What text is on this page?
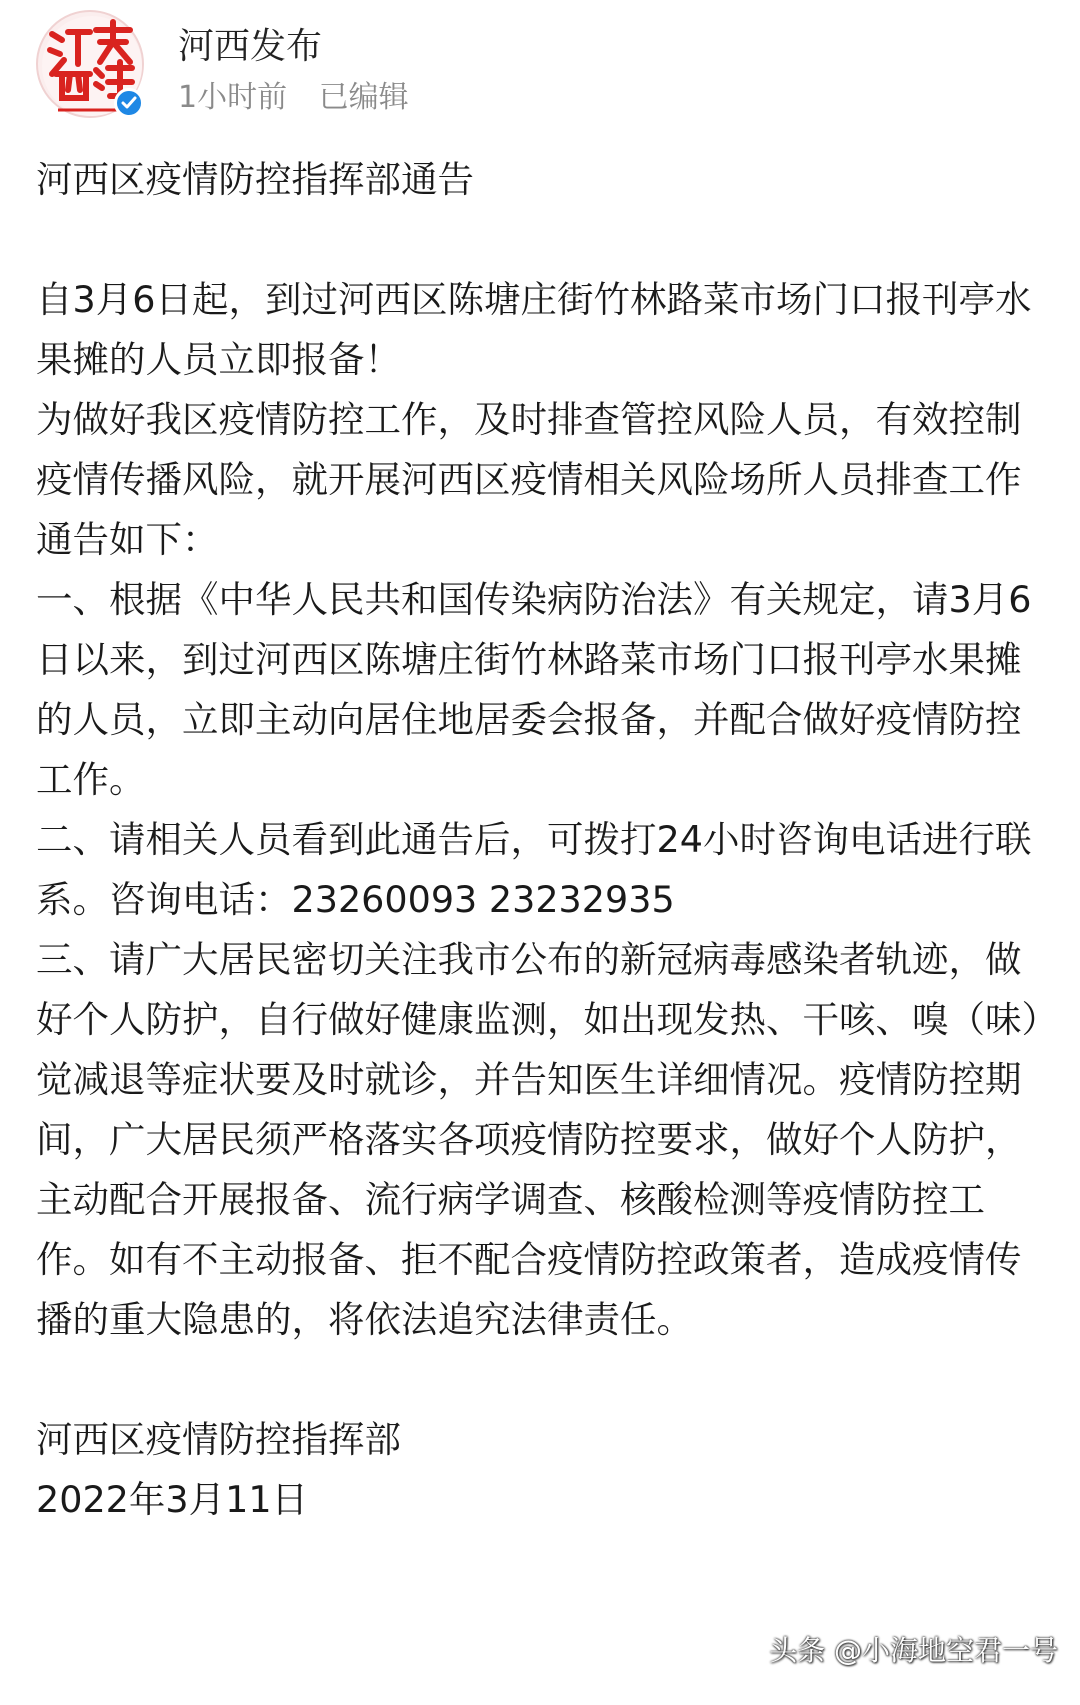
河西发布
1小时前 已编辑

河西区疫情防控指挥部通告

自3月6日起，到过河西区陈塘庄街竹林路菜市场门口报刊亭水果摊的人员立即报备！

为做好我区疫情防控工作，及时排查管控风险人员，有效控制疫情传播风险，就开展河西区疫情相关风险场所人员排查工作通告如下：

一、根据《中华人民共和国传染病防治法》有关规定，请3月6日以来，到过河西区陈塘庄街竹林路菜市场门口报刊亭水果摊的人员，立即主动向居住地居委会报备，并配合做好疫情防控工作。

二、请相关人员看到此通告后，可拨打24小时咨询电话进行联系。咨询电话：23260093 23232935

三、请广大居民密切关注我市公布的新冠病毒感染者轨迹，做好个人防护，自行做好健康监测，如出现发热、干咳、嗅（味）觉减退等症状要及时就诊，并告知医生详细情况。疫情防控期间，广大居民须严格落实各项疫情防控要求，做好个人防护，主动配合开展报备、流行病学调查、核酸检测等疫情防控工作。如有不主动报备、拒不配合疫情防控政策者，造成疫情传播的重大隐患的，将依法追究法律责任。

河西区疫情防控指挥部

2022年3月11日

头条 @小海地空君一号
